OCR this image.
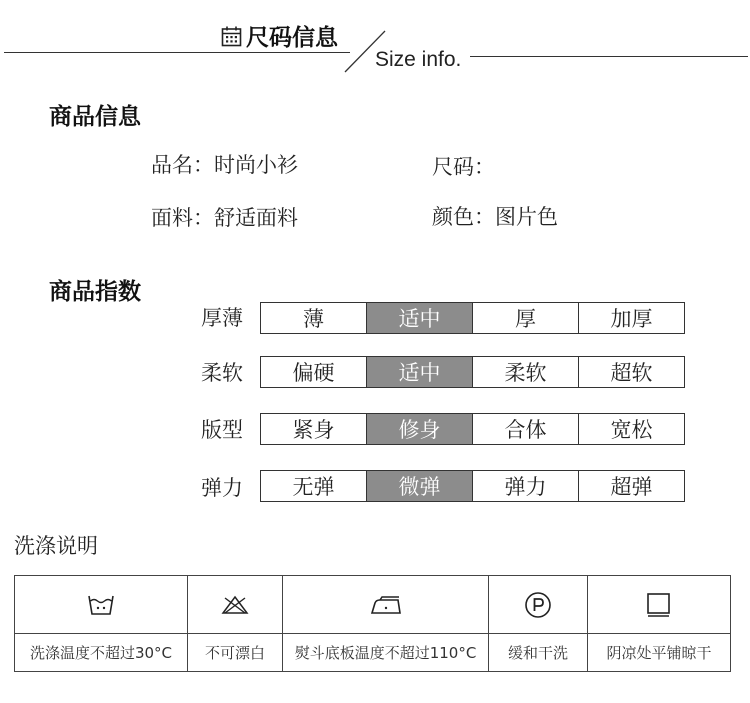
尺码信息
Size info.
商品信息
品名：时尚小衫	尺码：
面料：舒适面料	颜色：图片色
商品指数
厚薄	薄	适中	厚	加厚
柔软	偏硬	适中	柔软	超软
版型	紧身	修身	合体	宽松
弹力	无弹	微弹	弹力	超弹
洗涤说明
洗涤温度不超过30°C	不可漂白	熨斗底板温度不超过110°C	缓和干洗	阴凉处平铺晾干
